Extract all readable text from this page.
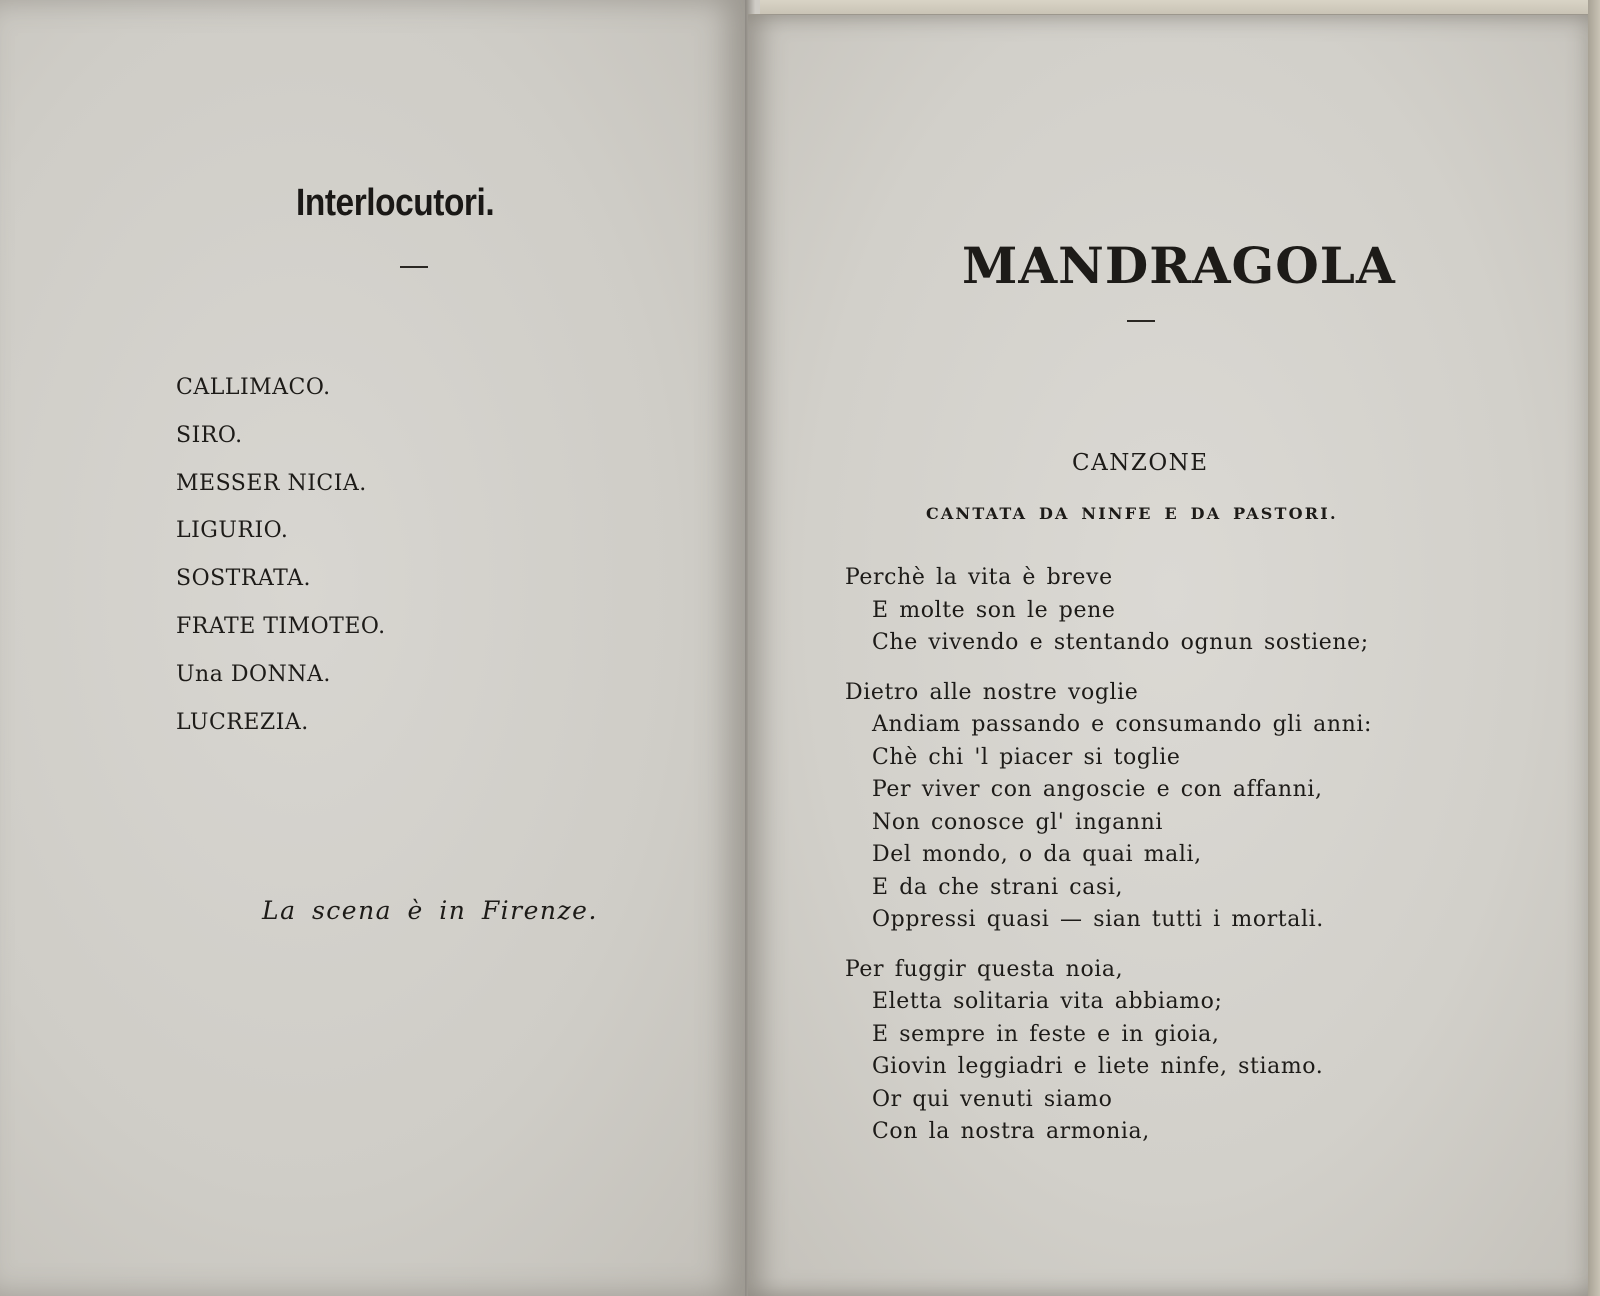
Interlocutori.
CALLIMACO.
SIRO.
MESSER NICIA.
LIGURIO.
SOSTRATA.
FRATE TIMOTEO.
Una DONNA.
LUCREZIA.
La scena è in Firenze.
MANDRAGOLA
CANZONE
CANTATA DA NINFE E DA PASTORI.
Perchè la vita è breve
E molte son le pene
Che vivendo e stentando ognun sostiene;
Dietro alle nostre voglie
Andiam passando e consumando gli anni:
Chè chi 'l piacer si toglie
Per viver con angoscie e con affanni,
Non conosce gl' inganni
Del mondo, o da quai mali,
E da che strani casi,
Oppressi quasi — sian tutti i mortali.
Per fuggir questa noia,
Eletta solitaria vita abbiamo;
E sempre in feste e in gioia,
Giovin leggiadri e liete ninfe, stiamo.
Or qui venuti siamo
Con la nostra armonia,
